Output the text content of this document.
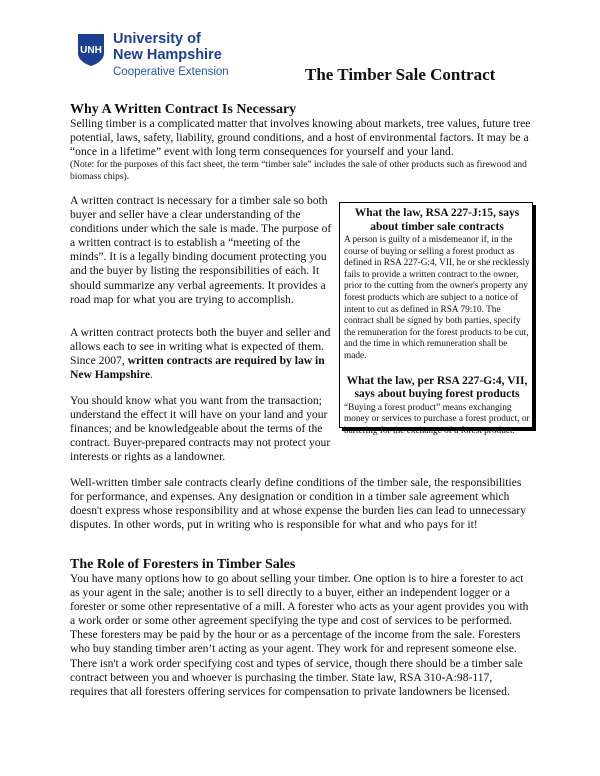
UNH
University of
New Hampshire
Cooperative Extension	The Timber Sale Contract
Why A Written Contract Is Necessary
Selling timber is a complicated matter that involves knowing about markets, tree values, future tree potential, laws, safety, liability, ground conditions, and a host of environmental factors. It may be a “once in a lifetime” event with long term consequences for yourself and your land.
(Note: for the purposes of this fact sheet, the term “timber sale” includes the sale of other products such as firewood and biomass chips).

A written contract is necessary for a timber sale so both buyer and seller have a clear understanding of the conditions under which the sale is made. The purpose of a written contract is to establish a “meeting of the minds”. It is a legally binding document protecting you and the buyer by listing the responsibilities of each. It should summarize any verbal agreements. It provides a road map for what you are trying to accomplish.

A written contract protects both the buyer and seller and allows each to see in writing what is expected of them. Since 2007, written contracts are required by law in New Hampshire.

You should know what you want from the transaction; understand the effect it will have on your land and your finances; and be knowledgeable about the terms of the contract. Buyer-prepared contracts may not protect your interests or rights as a landowner.

What the law, RSA 227-J:15, says about timber sale contracts

A person is guilty of a misdemeanor if, in the course of buying or selling a forest product as defined in RSA 227-G:4, VII, he or she recklessly fails to provide a written contract to the owner, prior to the cutting from the owner's property any forest products which are subject to a notice of intent to cut as defined in RSA 79:10. The contract shall be signed by both parties, specify the remuneration for the forest products to be cut, and the time in which remuneration shall be made.

What the law, per RSA 227-G:4, VII, says about buying forest products

“Buying a forest product” means exchanging money or services to purchase a forest product, or bartering for the exchange of a forest product.

Well-written timber sale contracts clearly define conditions of the timber sale, the responsibilities for performance, and expenses. Any designation or condition in a timber sale agreement which doesn't express whose responsibility and at whose expense the burden lies can lead to unnecessary disputes. In other words, put in writing who is responsible for what and who pays for it!

The Role of Foresters in Timber Sales

You have many options how to go about selling your timber. One option is to hire a forester to act as your agent in the sale; another is to sell directly to a buyer, either an independent logger or a forester or some other representative of a mill. A forester who acts as your agent provides you with a work order or some other agreement specifying the type and cost of services to be performed. These foresters may be paid by the hour or as a percentage of the income from the sale. Foresters who buy standing timber aren’t acting as your agent. They work for and represent someone else. There isn't a work order specifying cost and types of service, though there should be a timber sale contract between you and whoever is purchasing the timber. State law, RSA 310-A:98-117, requires that all foresters offering services for compensation to private landowners be licensed.
